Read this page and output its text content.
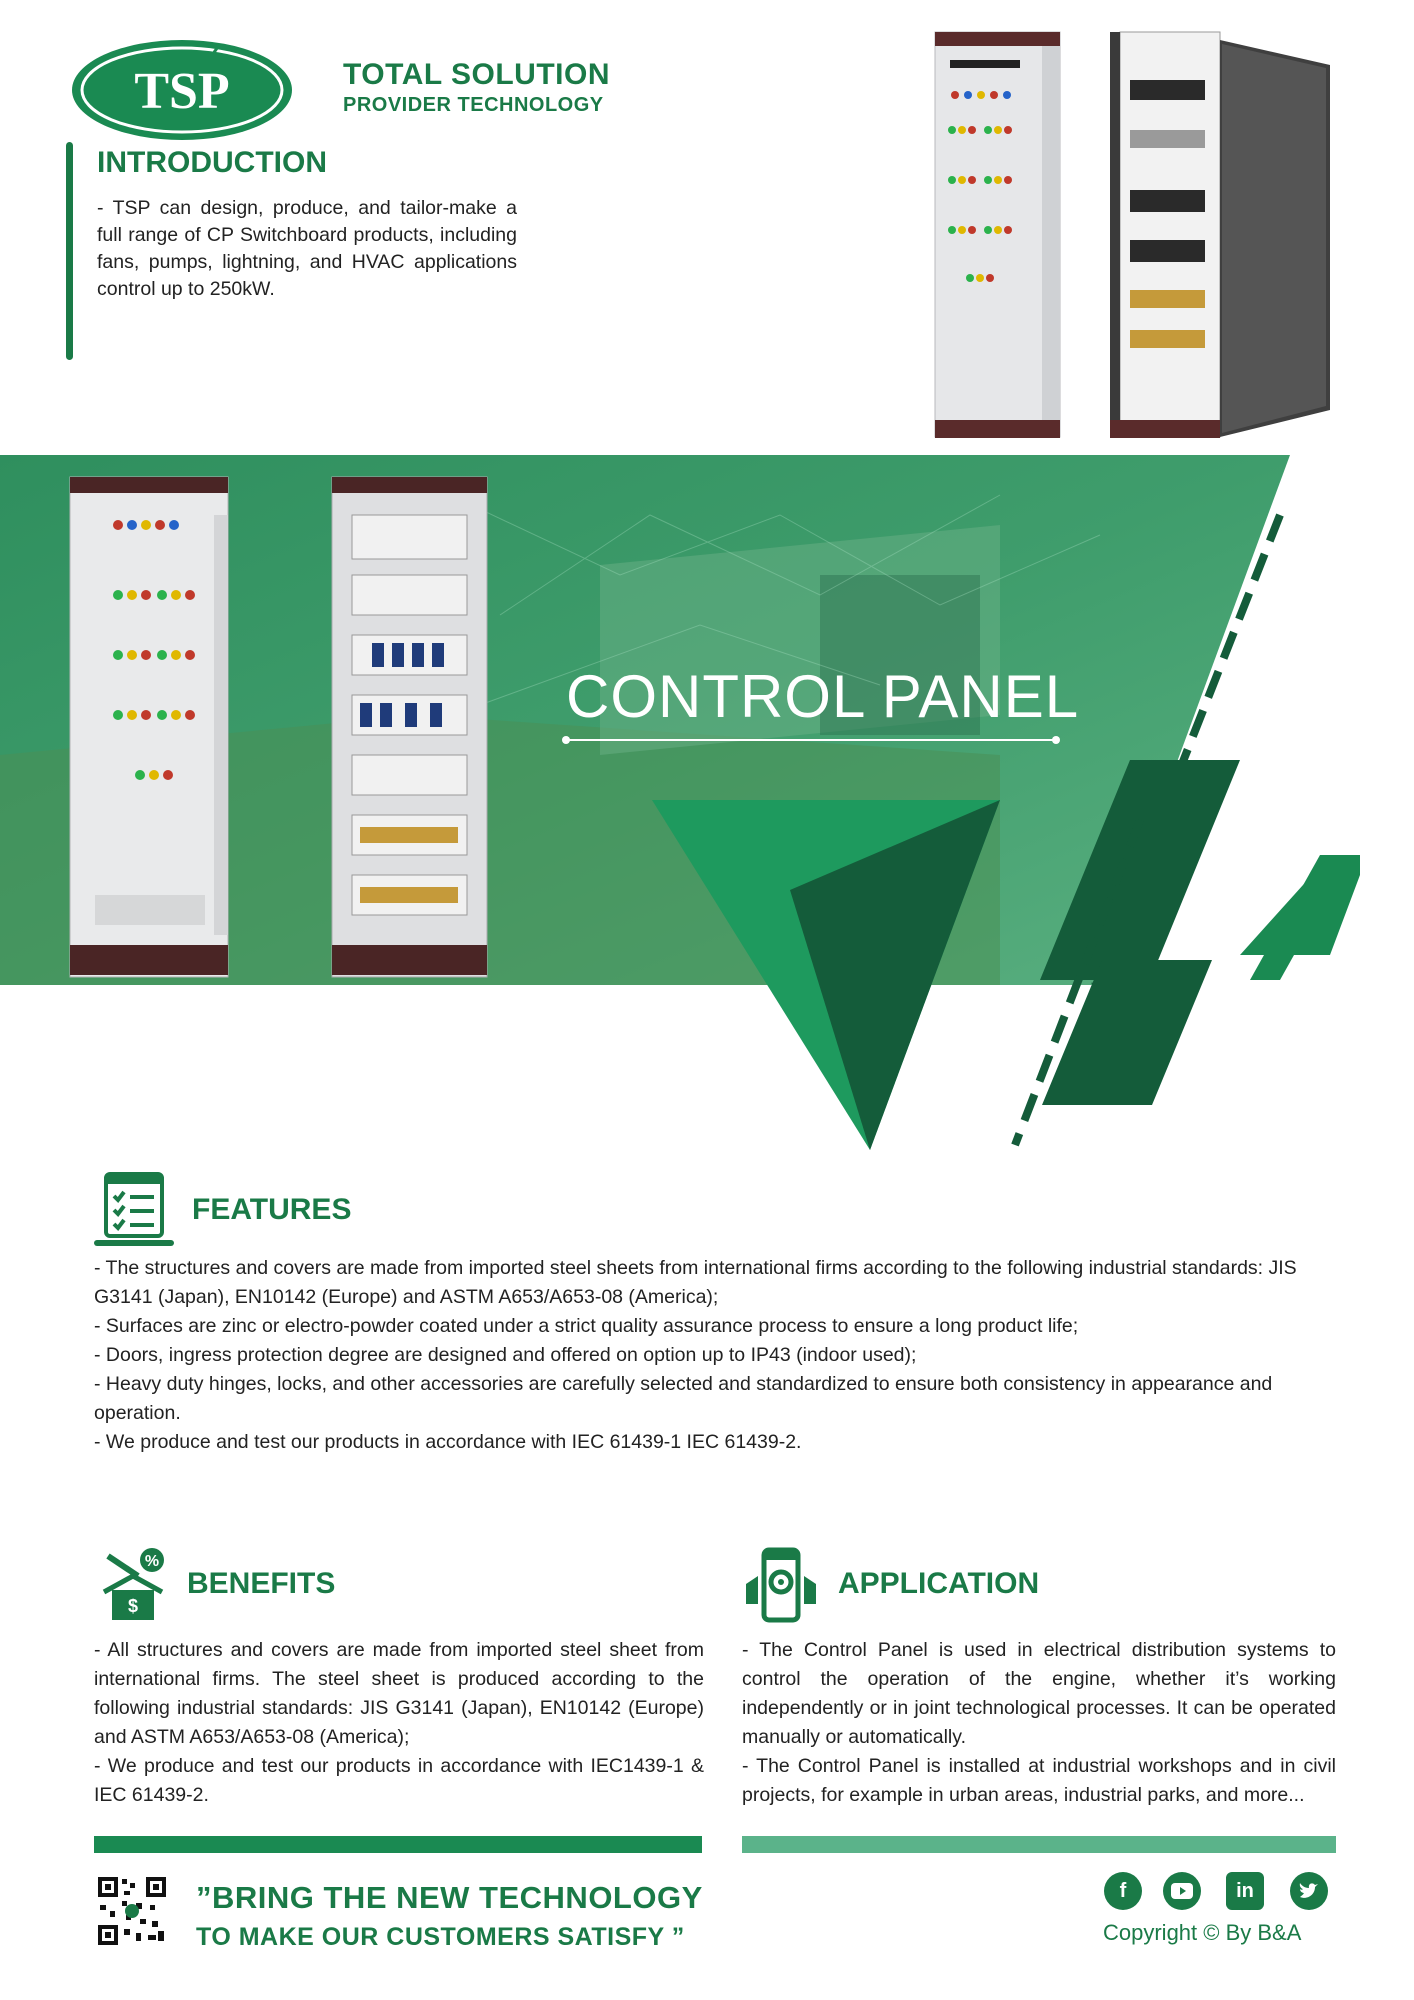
TSP	TOTAL SOLUTION
PROVIDER TECHNOLOGY
INTRODUCTION
- TSP can design, produce, and tailor-make a full range of CP Switchboard products, including fans, pumps, lightning, and HVAC applications control up to 250kW.
CONTROL PANEL
FEATURES
- The structures and covers are made from imported steel sheets from international firms according to the following industrial standards: JIS G3141 (Japan), EN10142 (Europe) and ASTM A653/A653-08 (America);
- Surfaces are zinc or electro-powder coated under a strict quality assurance process to ensure a long product life;
- Doors, ingress protection degree are designed and offered on option up to IP43 (indoor used);
- Heavy duty hinges, locks, and other accessories are carefully selected and standardized to ensure both consistency in appearance and operation.
- We produce and test our products in accordance with IEC 61439-1 IEC 61439-2.
%
$
BENEFITS
- All structures and covers are made from imported steel sheet from international firms. The steel sheet is produced according to the following industrial standards: JIS G3141 (Japan), EN10142 (Europe) and ASTM A653/A653-08 (America);
- We produce and test our products in accordance with IEC1439-1 & IEC 61439-2.
APPLICATION
- The Control Panel is used in electrical distribution systems to control the operation of the engine, whether it’s working independently or in joint technological processes. It can be operated manually or automatically.
- The Control Panel is installed at industrial workshops and in civil projects, for example in urban areas, industrial parks, and more...
”BRING THE NEW TECHNOLOGY
TO MAKE OUR CUSTOMERS SATISFY ”
f	in
Copyright © By B&A
